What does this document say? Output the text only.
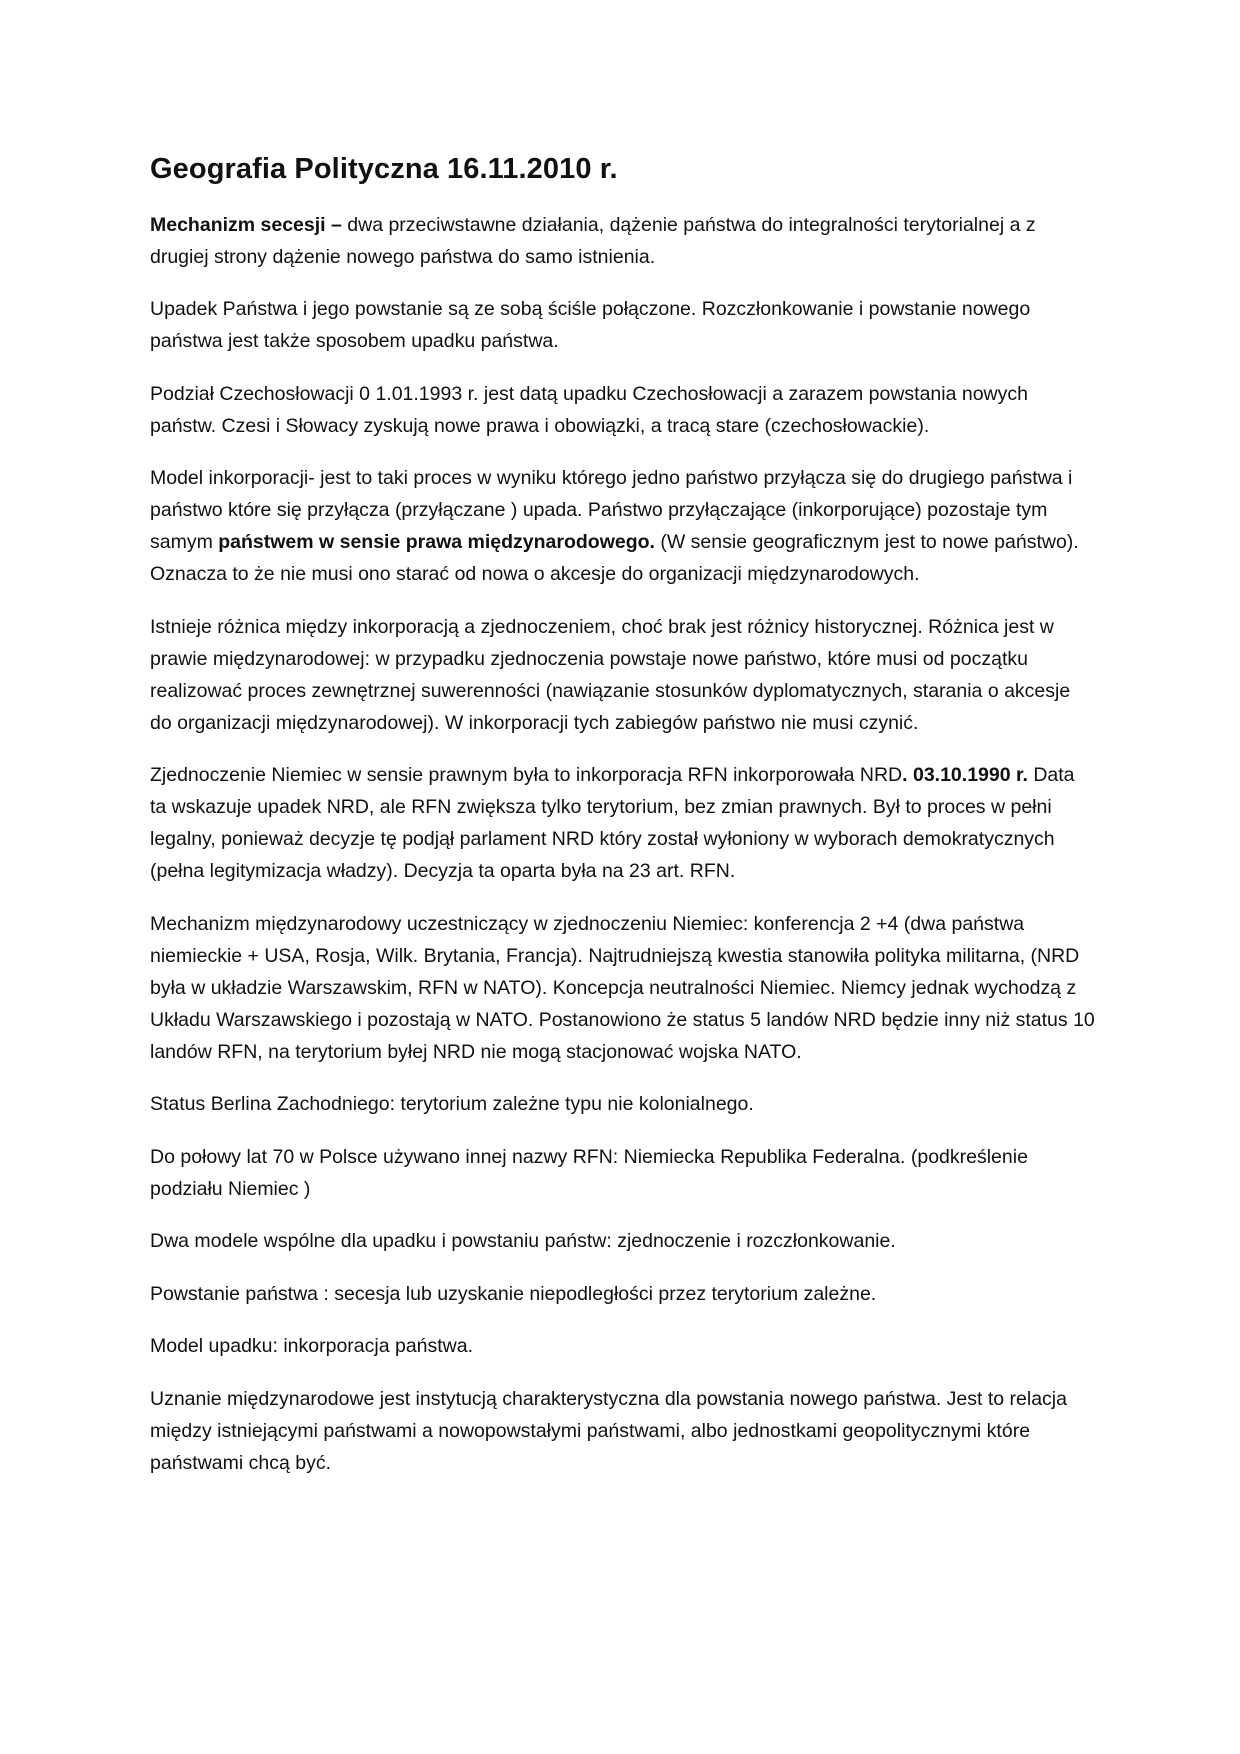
Geografia Polityczna 16.11.2010 r.

Mechanizm secesji – dwa przeciwstawne działania, dążenie państwa do integralności terytorialnej a z drugiej strony dążenie nowego państwa do samo istnienia.

Upadek Państwa i jego powstanie są ze sobą ściśle połączone. Rozczłonkowanie i powstanie nowego państwa jest także sposobem upadku państwa.

Podział Czechosłowacji 0 1.01.1993 r. jest datą upadku Czechosłowacji a zarazem powstania nowych państw. Czesi i Słowacy zyskują nowe prawa i obowiązki, a tracą stare (czechosłowackie).

Model inkorporacji- jest to taki proces w wyniku którego jedno państwo przyłącza się do drugiego państwa i państwo które się przyłącza (przyłączane ) upada. Państwo przyłączające (inkorporujące) pozostaje tym samym państwem w sensie prawa międzynarodowego. (W sensie geograficznym jest to nowe państwo). Oznacza to że nie musi ono starać od nowa o akcesje do organizacji międzynarodowych.

Istnieje różnica między inkorporacją a zjednoczeniem, choć brak jest różnicy historycznej. Różnica jest w prawie międzynarodowej: w przypadku zjednoczenia powstaje nowe państwo, które musi od początku realizować proces zewnętrznej suwerenności (nawiązanie stosunków dyplomatycznych, starania o akcesje do organizacji międzynarodowej). W inkorporacji tych zabiegów państwo nie musi czynić.

Zjednoczenie Niemiec w sensie prawnym była to inkorporacja RFN inkorporowała NRD. 03.10.1990 r. Data ta wskazuje upadek NRD, ale RFN zwiększa tylko terytorium, bez zmian prawnych. Był to proces w pełni legalny, ponieważ decyzje tę podjął parlament NRD który został wyłoniony w wyborach demokratycznych (pełna legitymizacja władzy). Decyzja ta oparta była na 23 art. RFN.

Mechanizm międzynarodowy uczestniczący w zjednoczeniu Niemiec: konferencja 2 +4 (dwa państwa niemieckie + USA, Rosja, Wilk. Brytania, Francja). Najtrudniejszą kwestia stanowiła polityka militarna, (NRD była w układzie Warszawskim, RFN w NATO). Koncepcja neutralności Niemiec. Niemcy jednak wychodzą z Układu Warszawskiego i pozostają w NATO. Postanowiono że status 5 landów NRD będzie inny niż status 10 landów RFN, na terytorium byłej NRD nie mogą stacjonować wojska NATO.

Status Berlina Zachodniego: terytorium zależne typu nie kolonialnego.

Do połowy lat 70 w Polsce używano innej nazwy RFN: Niemiecka Republika Federalna. (podkreślenie podziału Niemiec )

Dwa modele wspólne dla upadku i powstaniu państw: zjednoczenie i rozczłonkowanie.

Powstanie państwa : secesja lub uzyskanie niepodległości przez terytorium zależne.

Model upadku: inkorporacja państwa.

Uznanie międzynarodowe jest instytucją charakterystyczna dla powstania nowego państwa. Jest to relacja między istniejącymi państwami a nowopowstałymi państwami, albo jednostkami geopolitycznymi które państwami chcą być.
